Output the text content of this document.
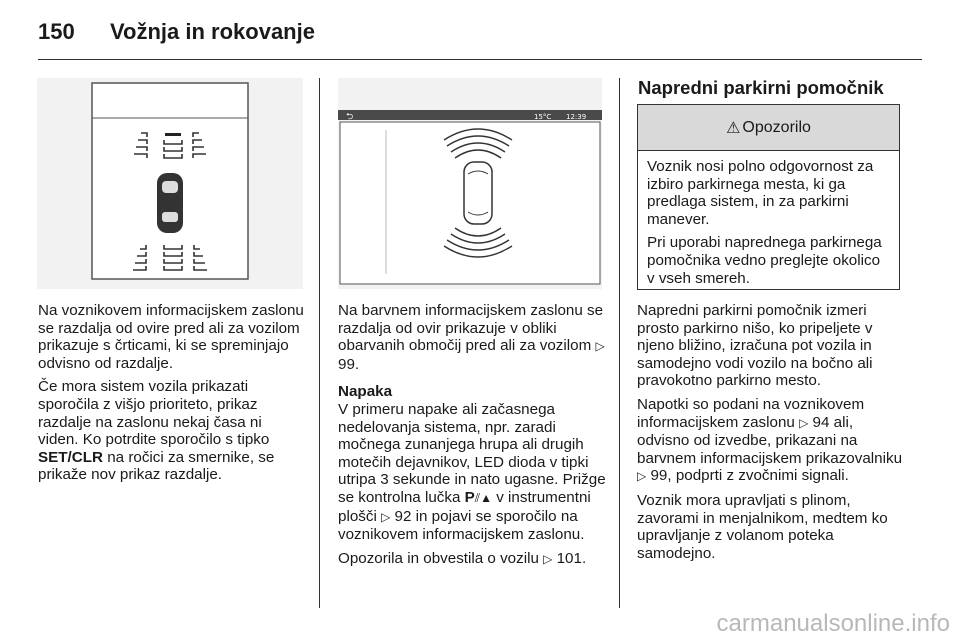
150 Vožnja in rokovanje

Na voznikovem informacijskem zaslonu se razdalja od ovire pred ali za vozilom prikazuje s črticami, ki se spreminjajo odvisno od razdalje.

Če mora sistem vozila prikazati sporočila z višjo prioriteto, prikaz razdalje na zaslonu nekaj časa ni viden. Ko potrdite sporočilo s tipko SET/CLR na ročici za smernike, se prikaže nov prikaz razdalje.

⮌	15°C 12:39

Na barvnem informacijskem zaslonu se razdalja od ovir prikazuje v obliki obarvanih območij pred ali za vozilom ▷ 99.

Napaka

V primeru napake ali začasnega nedelovanja sistema, npr. zaradi močnega zunanjega hrupa ali drugih motečih dejavnikov, LED dioda v tipki utripa 3 sekunde in nato ugasne. Prižge se kontrolna lučka P⫽▲ v instrumentni plošči ▷ 92 in pojavi se sporočilo na voznikovem informacijskem zaslonu.

Opozorila in obvestila o vozilu ▷ 101.

Napredni parkirni pomočnik
⚠ Opozorilo

Voznik nosi polno odgovornost za izbiro parkirnega mesta, ki ga predlaga sistem, in za parkirni manever.

Pri uporabi naprednega parkirnega pomočnika vedno preglejte okolico v vseh smereh.

Napredni parkirni pomočnik izmeri prosto parkirno nišo, ko pripeljete v njeno bližino, izračuna pot vozila in samodejno vodi vozilo na bočno ali pravokotno parkirno mesto.

Napotki so podani na voznikovem informacijskem zaslonu ▷ 94 ali, odvisno od izvedbe, prikazani na barvnem informacijskem prikazovalniku ▷ 99, podprti z zvočnimi signali.

Voznik mora upravljati s plinom, zavorami in menjalnikom, medtem ko upravljanje z volanom poteka samodejno.

carmanualsonline.info
